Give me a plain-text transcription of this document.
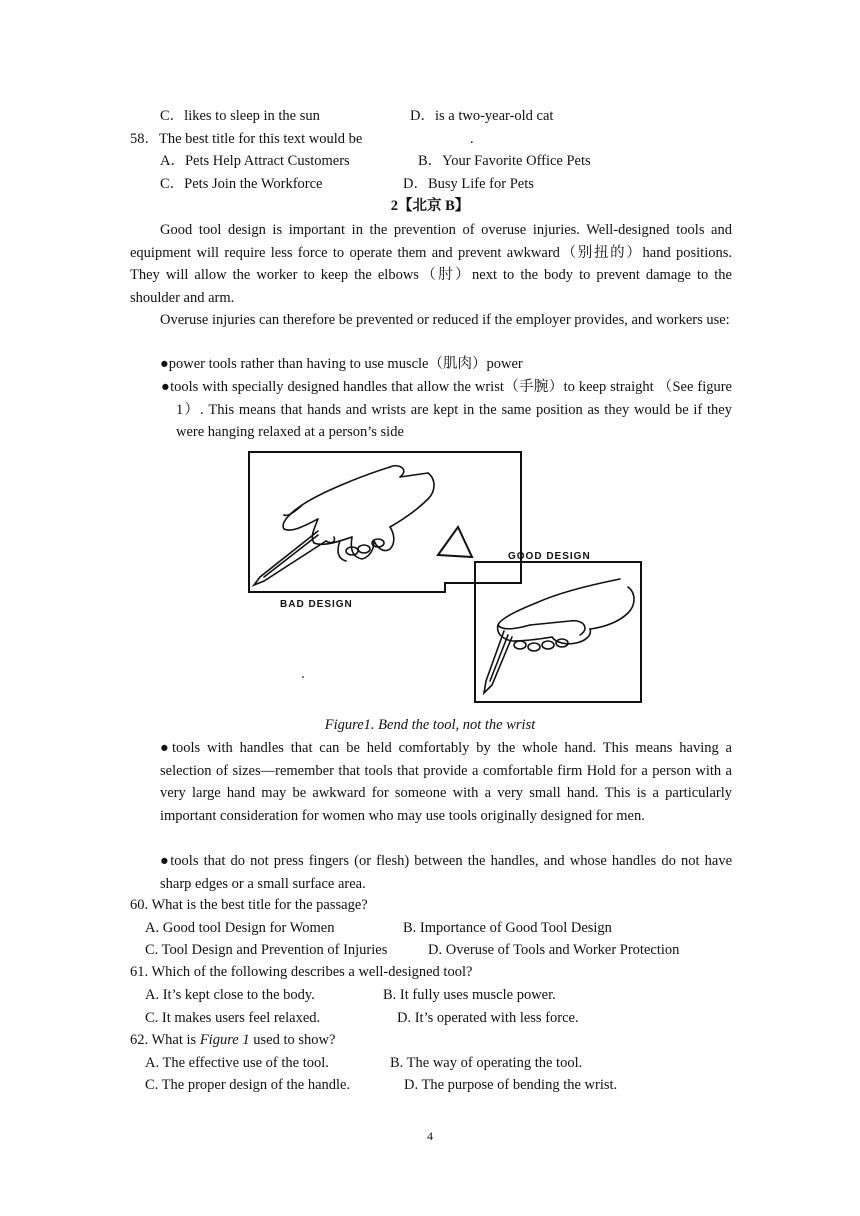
C．likes to sleep in the sun	D．is a two-year-old cat
58．The best title for this text would be	.
A．Pets Help Attract Customers	B．Your Favorite Office Pets
C．Pets Join the Workforce	D．Busy Life for Pets
2【北京 B】
Good tool design is important in the prevention of overuse injuries. Well-designed tools and equipment will require less force to operate them and prevent awkward（别扭的）hand positions. They will allow the worker to keep the elbows（肘）next to the body to prevent damage to the shoulder and arm.
Overuse injuries can therefore be prevented or reduced if the employer provides, and workers use:
●power tools rather than having to use muscle（肌肉）power
●tools with specially designed handles that allow the wrist（手腕）to keep straight （See figure 1）. This means that hands and wrists are kept in the same position as they would be if they were hanging relaxed at a person’s side
BAD DESIGN
GOOD DESIGN
Figure1. Bend the tool, not the wrist
●tools with handles that can be held comfortably by the whole hand. This means having a selection of sizes—remember that tools that provide a comfortable firm Hold for a person with a very large hand may be awkward for someone with a very small hand. This is a particularly important consideration for women who may use tools originally designed for men.
●tools that do not press fingers (or flesh) between the handles, and whose handles do not have sharp edges or a small surface area.
60. What is the best title for the passage?
A. Good tool Design for Women	B. Importance of Good Tool Design
C. Tool Design and Prevention of Injuries	D. Overuse of Tools and Worker Protection
61. Which of the following describes a well-designed tool?
A. It’s kept close to the body.	B. It fully uses muscle power.
C. It makes users feel relaxed.	D. It’s operated with less force.
62. What is Figure 1 used to show?
A. The effective use of the tool.	B. The way of operating the tool.
C. The proper design of the handle.	D. The purpose of bending the wrist.
4
